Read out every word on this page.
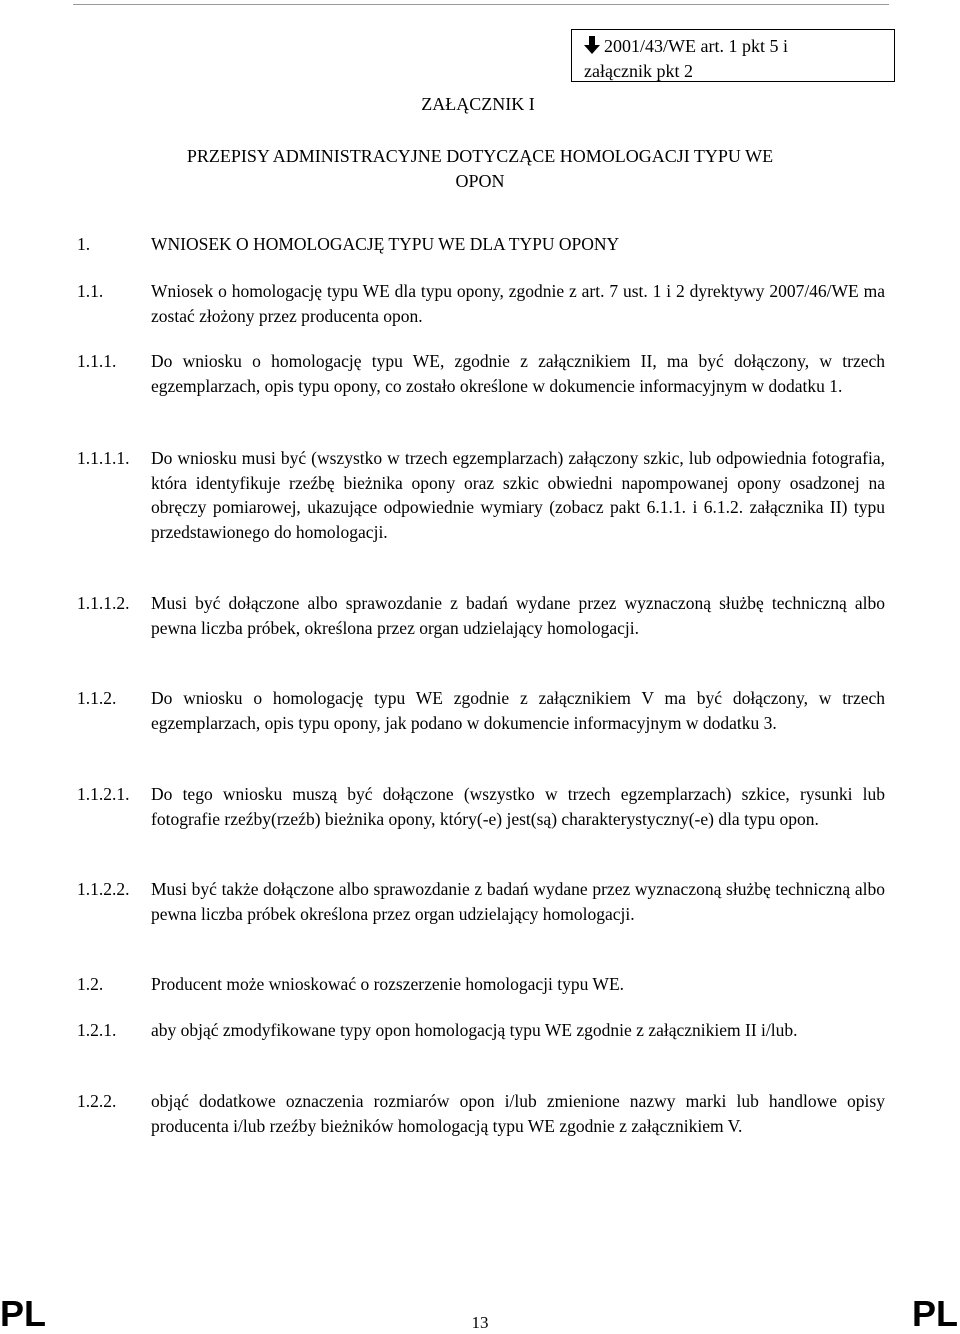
2001/43/WE art. 1 pkt 5 i
załącznik pkt 2
ZAŁĄCZNIK I
PRZEPISY ADMINISTRACYJNE DOTYCZĄCE HOMOLOGACJI TYPU WE
OPON
1.	WNIOSEK O HOMOLOGACJĘ TYPU WE DLA TYPU OPONY
1.1.	Wniosek o homologację typu WE dla typu opony, zgodnie z art. 7 ust. 1 i 2 dyrektywy 2007/46/WE ma zostać złożony przez producenta opon.
1.1.1. Do wniosku o homologację typu WE, zgodnie z załącznikiem II, ma być dołączony, w trzech egzemplarzach, opis typu opony, co zostało określone w dokumencie informacyjnym w dodatku 1.
1.1.1.1. Do wniosku musi być (wszystko w trzech egzemplarzach) załączony szkic, lub odpowiednia fotografia, która identyfikuje rzeźbę bieżnika opony oraz szkic obwiedni napompowanej opony osadzonej na obręczy pomiarowej, ukazujące odpowiednie wymiary (zobacz pakt 6.1.1. i 6.1.2. załącznika II) typu przedstawionego do homologacji.
1.1.1.2. Musi być dołączone albo sprawozdanie z badań wydane przez wyznaczoną służbę techniczną albo pewna liczba próbek, określona przez organ udzielający homologacji.
1.1.2. Do wniosku o homologację typu WE zgodnie z załącznikiem V ma być dołączony, w trzech egzemplarzach, opis typu opony, jak podano w dokumencie informacyjnym w dodatku 3.
1.1.2.1. Do tego wniosku muszą być dołączone (wszystko w trzech egzemplarzach) szkice, rysunki lub fotografie rzeźby(rzeźb) bieżnika opony, który(-e) jest(są) charakterystyczny(-e) dla typu opon.
1.1.2.2. Musi być także dołączone albo sprawozdanie z badań wydane przez wyznaczoną służbę techniczną albo pewna liczba próbek określona przez organ udzielający homologacji.
1.2.	Producent może wnioskować o rozszerzenie homologacji typu WE.
1.2.1. aby objąć zmodyfikowane typy opon homologacją typu WE zgodnie z załącznikiem II i/lub.
1.2.2. objąć dodatkowe oznaczenia rozmiarów opon i/lub zmienione nazwy marki lub handlowe opisy producenta i/lub rzeźby bieżników homologacją typu WE zgodnie z załącznikiem V.
PL	13	PL
